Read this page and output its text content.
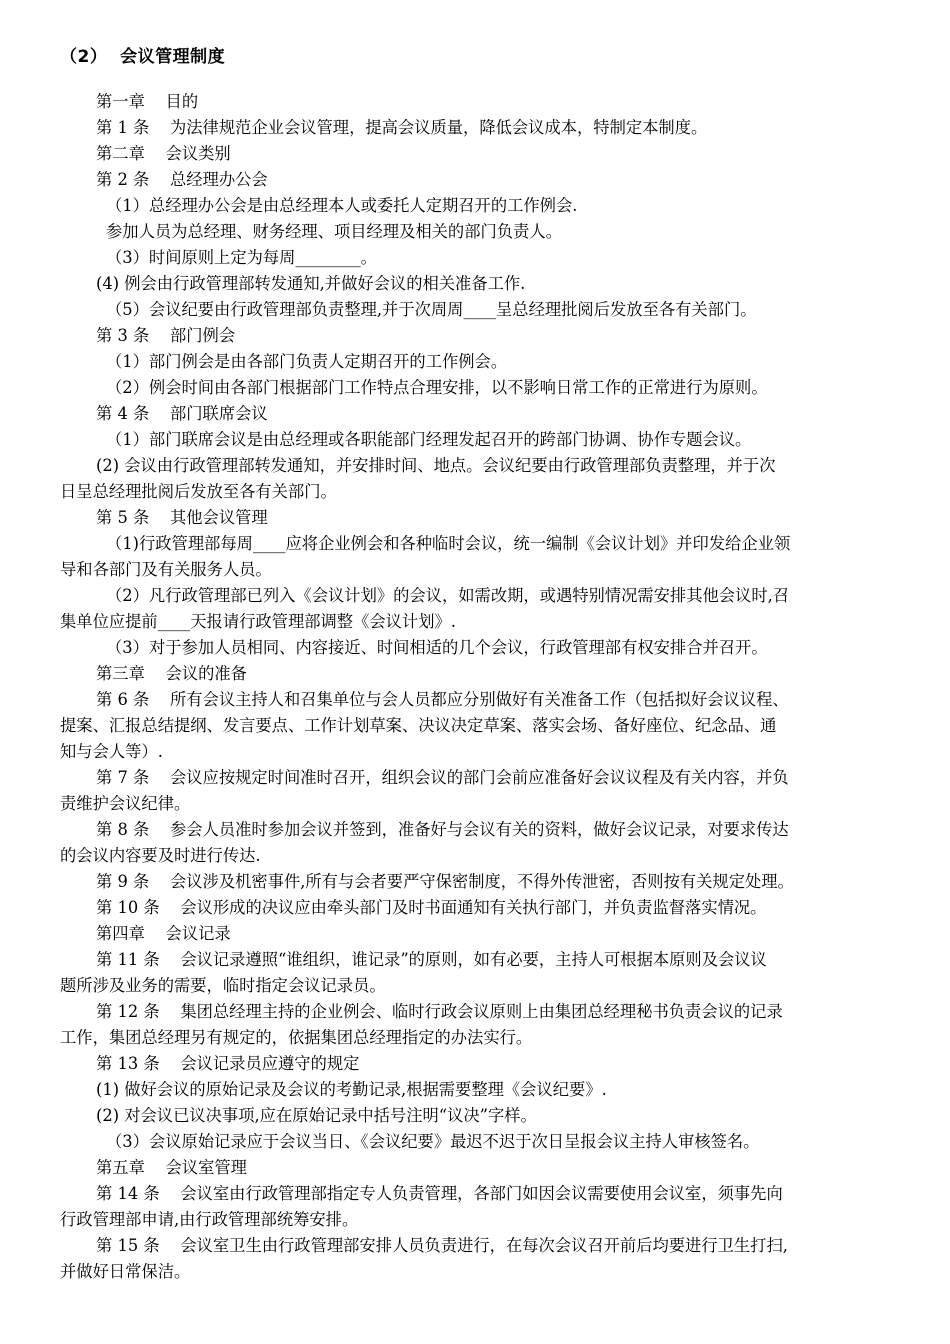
（2）  会议管理制度
第一章    目的
第 1 条    为法律规范企业会议管理，提高会议质量，降低会议成本，特制定本制度。
第二章    会议类别
第 2 条    总经理办公会
（1）总经理办公会是由总经理本人或委托人定期召开的工作例会.
参加人员为总经理、财务经理、项目经理及相关的部门负责人。
（3）时间原则上定为每周________。
(4) 例会由行政管理部转发通知,并做好会议的相关准备工作.
（5）会议纪要由行政管理部负责整理,并于次周周____呈总经理批阅后发放至各有关部门。
第 3 条    部门例会
（1）部门例会是由各部门负责人定期召开的工作例会。
（2）例会时间由各部门根据部门工作特点合理安排，以不影响日常工作的正常进行为原则。
第 4 条    部门联席会议
（1）部门联席会议是由总经理或各职能部门经理发起召开的跨部门协调、协作专题会议。
(2) 会议由行政管理部转发通知，并安排时间、地点。会议纪要由行政管理部负责整理，并于次
日呈总经理批阅后发放至各有关部门。
第 5 条    其他会议管理
（1)行政管理部每周____应将企业例会和各种临时会议，统一编制《会议计划》并印发给企业领
导和各部门及有关服务人员。
（2）凡行政管理部已列入《会议计划》的会议，如需改期，或遇特别情况需安排其他会议时,召
集单位应提前____天报请行政管理部调整《会议计划》.
（3）对于参加人员相同、内容接近、时间相适的几个会议，行政管理部有权安排合并召开。
第三章    会议的准备
第 6 条    所有会议主持人和召集单位与会人员都应分别做好有关准备工作（包括拟好会议议程、
提案、汇报总结提纲、发言要点、工作计划草案、决议决定草案、落实会场、备好座位、纪念品、通
知与会人等）.
第 7 条    会议应按规定时间准时召开，组织会议的部门会前应准备好会议议程及有关内容，并负
责维护会议纪律。
第 8 条    参会人员准时参加会议并签到，准备好与会议有关的资料，做好会议记录，对要求传达
的会议内容要及时进行传达.
第 9 条    会议涉及机密事件,所有与会者要严守保密制度，不得外传泄密，否则按有关规定处理。
第 10 条    会议形成的决议应由牵头部门及时书面通知有关执行部门，并负责监督落实情况。
第四章    会议记录
第 11 条    会议记录遵照“谁组织，谁记录”的原则，如有必要，主持人可根据本原则及会议议
题所涉及业务的需要，临时指定会议记录员。
第 12 条    集团总经理主持的企业例会、临时行政会议原则上由集团总经理秘书负责会议的记录
工作，集团总经理另有规定的，依据集团总经理指定的办法实行。
第 13 条    会议记录员应遵守的规定
(1) 做好会议的原始记录及会议的考勤记录,根据需要整理《会议纪要》.
(2) 对会议已议决事项,应在原始记录中括号注明“议决”字样。
（3）会议原始记录应于会议当日、《会议纪要》最迟不迟于次日呈报会议主持人审核签名。
第五章    会议室管理
第 14 条    会议室由行政管理部指定专人负责管理，各部门如因会议需要使用会议室，须事先向
行政管理部申请,由行政管理部统筹安排。
第 15 条    会议室卫生由行政管理部安排人员负责进行，在每次会议召开前后均要进行卫生打扫,
并做好日常保洁。
